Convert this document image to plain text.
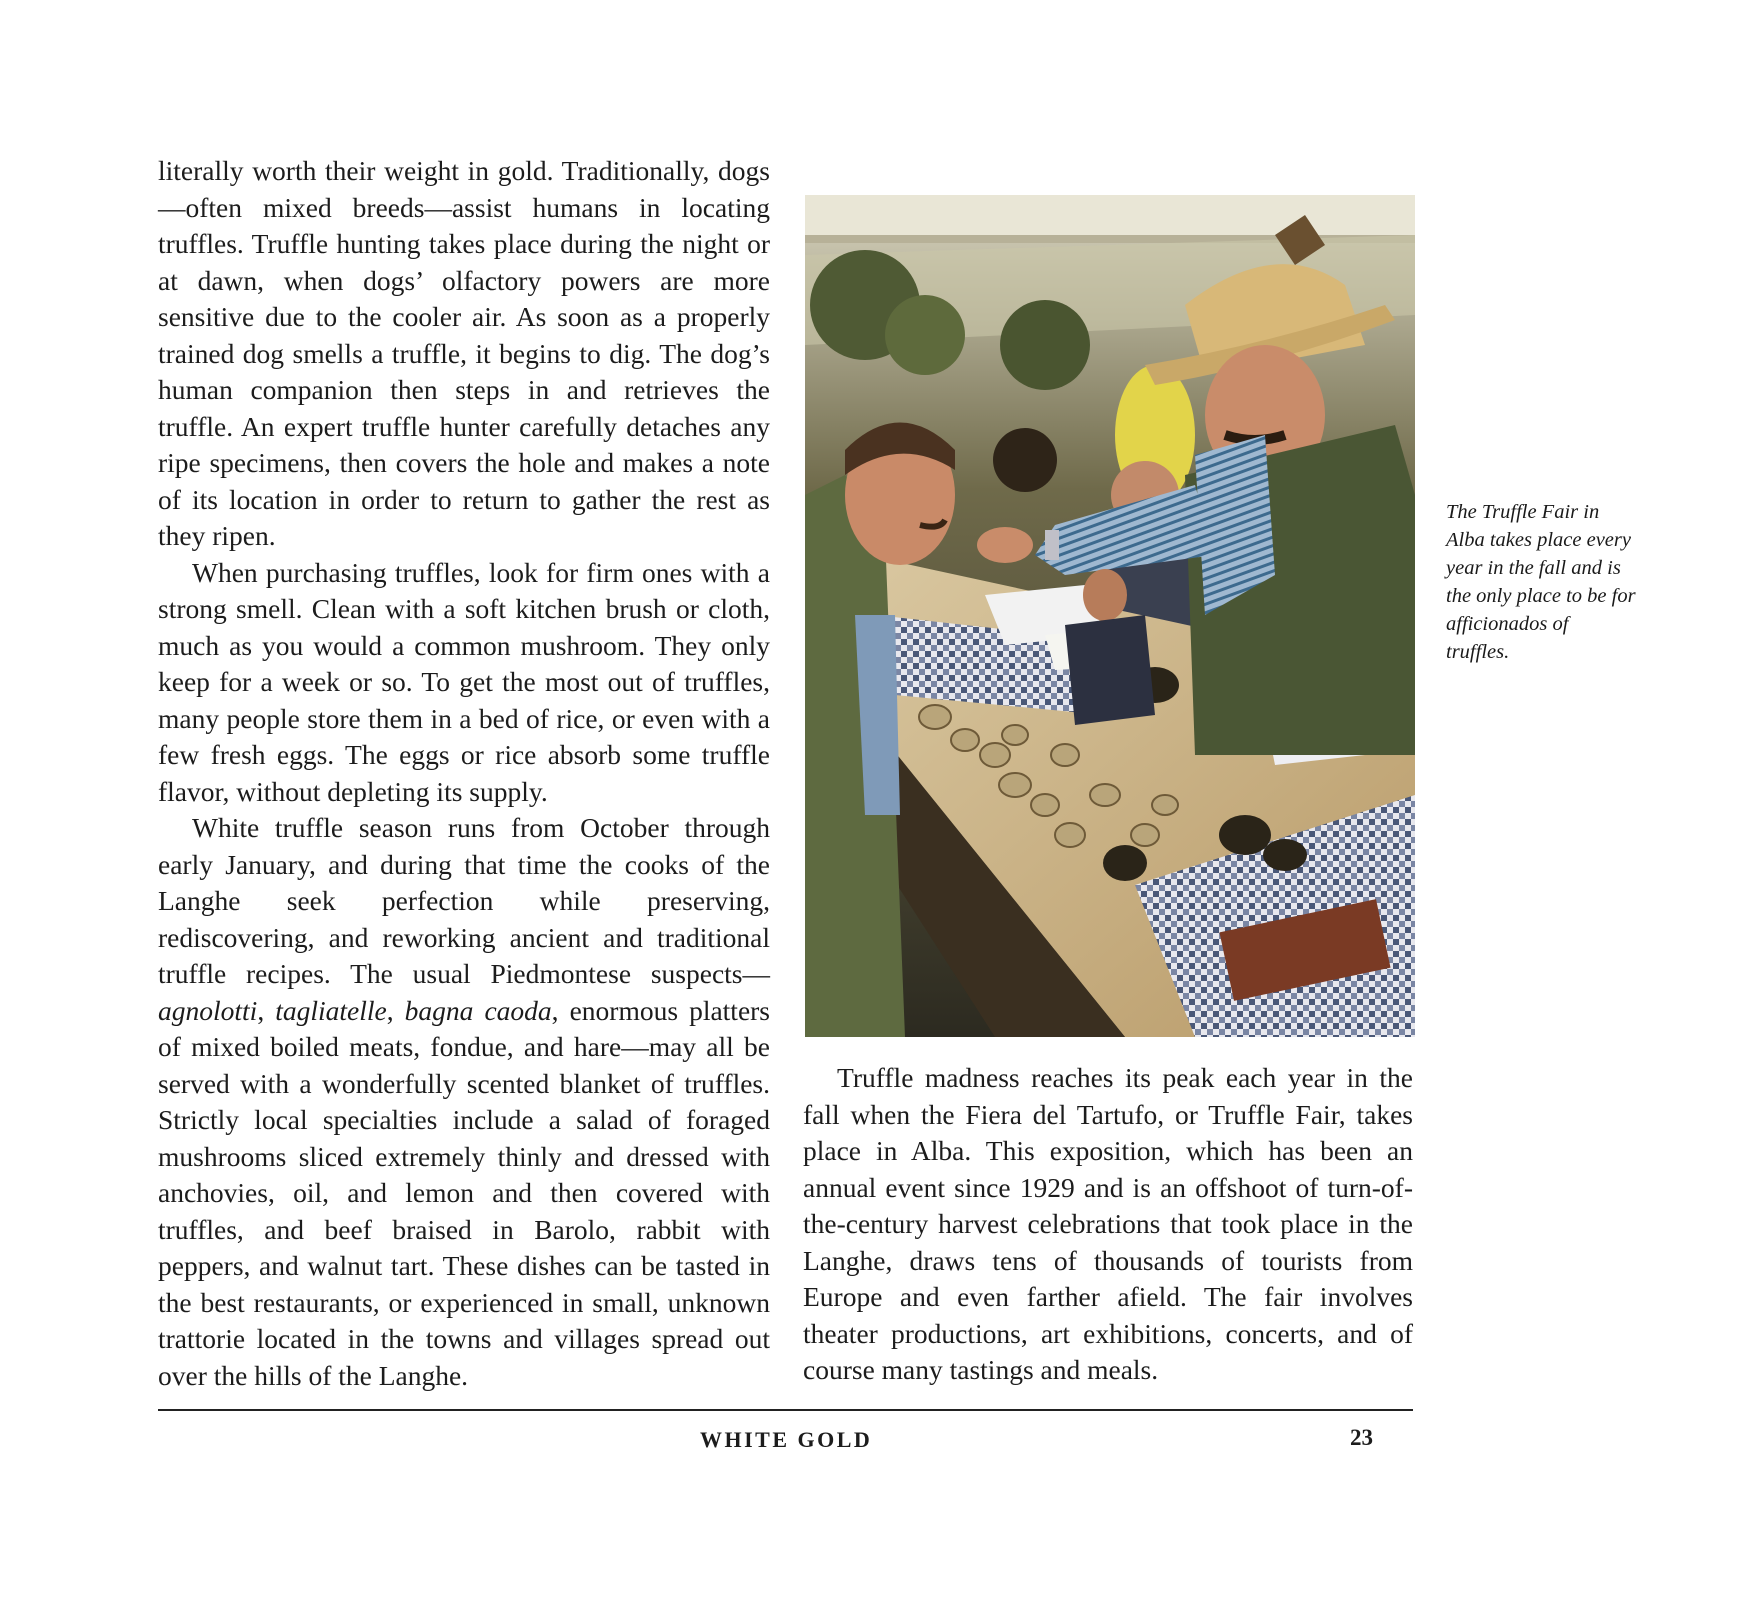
literally worth their weight in gold. Traditionally, dogs—often mixed breeds—assist humans in locating truffles. Truffle hunting takes place during the night or at dawn, when dogs’ olfactory powers are more sensitive due to the cooler air. As soon as a properly trained dog smells a truffle, it begins to dig. The dog’s human companion then steps in and retrieves the truffle. An expert truffle hunter carefully detaches any ripe specimens, then covers the hole and makes a note of its location in order to return to gather the rest as they ripen.

When purchasing truffles, look for firm ones with a strong smell. Clean with a soft kitchen brush or cloth, much as you would a common mushroom. They only keep for a week or so. To get the most out of truffles, many people store them in a bed of rice, or even with a few fresh eggs. The eggs or rice absorb some truffle flavor, without depleting its supply.

White truffle season runs from October through early January, and during that time the cooks of the Langhe seek perfection while preserving, rediscovering, and reworking ancient and traditional truffle recipes. The usual Piedmontese suspects—agnolotti, tagliatelle, bagna caoda, enormous platters of mixed boiled meats, fondue, and hare—may all be served with a wonderfully scented blanket of truffles. Strictly local specialties include a salad of foraged mushrooms sliced extremely thinly and dressed with anchovies, oil, and lemon and then covered with truffles, and beef braised in Barolo, rabbit with peppers, and walnut tart. These dishes can be tasted in the best restaurants, or experienced in small, unknown trattorie located in the towns and villages spread out over the hills of the Langhe.

The Truffle Fair in Alba takes place every year in the fall and is the only place to be for afficionados of truffles.

Truffle madness reaches its peak each year in the fall when the Fiera del Tartufo, or Truffle Fair, takes place in Alba. This exposition, which has been an annual event since 1929 and is an offshoot of turn-of-the-century harvest celebrations that took place in the Langhe, draws tens of thousands of tourists from Europe and even farther afield. The fair involves theater productions, art exhibitions, concerts, and of course many tastings and meals.

WHITE GOLD	23
